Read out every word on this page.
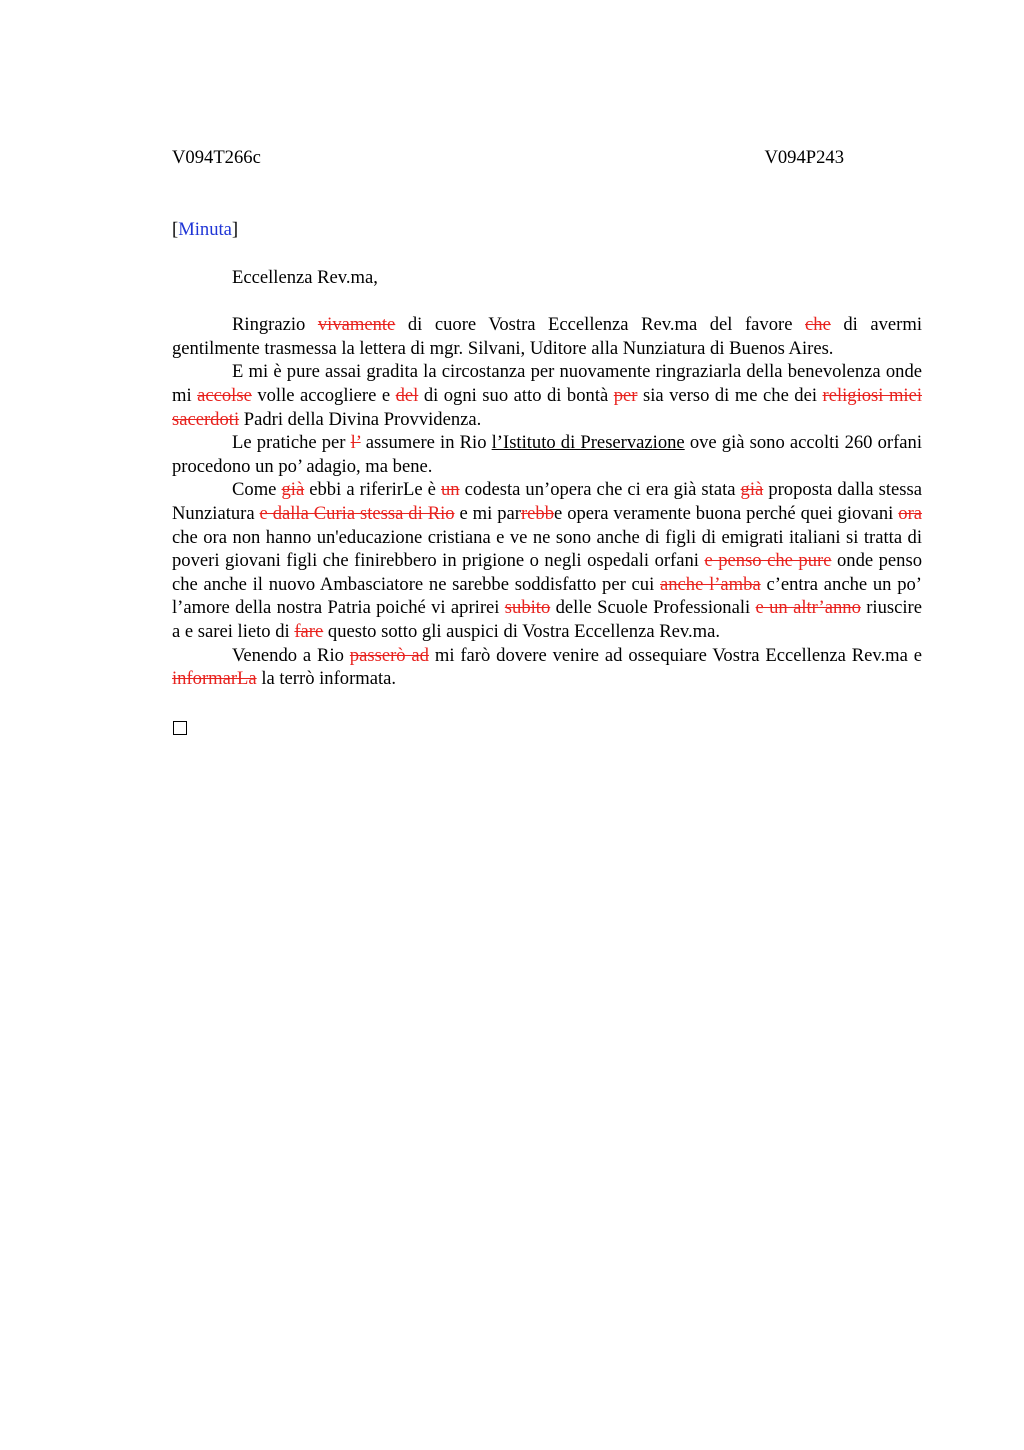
V094T266c	V094P243
[Minuta]
Eccellenza Rev.ma,

Ringrazio vivamente di cuore Vostra Eccellenza Rev.ma del favore che di avermi gentilmente trasmessa la lettera di mgr. Silvani, Uditore alla Nunziatura di Buenos Aires.

E mi è pure assai gradita la circostanza per nuovamente ringraziarla della benevolenza onde mi accolse volle accogliere e del di ogni suo atto di bontà per sia verso di me che dei religiosi miei sacerdoti Padri della Divina Provvidenza.

Le pratiche per l’ assumere in Rio l’Istituto di Preservazione ove già sono accolti 260 orfani procedono un po’ adagio, ma bene.

Come già ebbi a riferirLe è un codesta un’opera che ci era già stata già proposta dalla stessa Nunziatura e dalla Curia stessa di Rio e mi parrebbe opera veramente buona perché quei giovani ora che ora non hanno un'educazione cristiana e ve ne sono anche di figli di emigrati italiani si tratta di poveri giovani figli che finirebbero in prigione o negli ospedali orfani e penso che pure onde penso che anche il nuovo Ambasciatore ne sarebbe soddisfatto per cui anche l’amba c’entra anche un po’ l’amore della nostra Patria poiché vi aprirei subito delle Scuole Professionali e un altr’anno riuscire a e sarei lieto di fare questo sotto gli auspici di Vostra Eccellenza Rev.ma.

Venendo a Rio passerò ad mi farò dovere venire ad ossequiare Vostra Eccellenza Rev.ma e informarLa la terrò informata.
